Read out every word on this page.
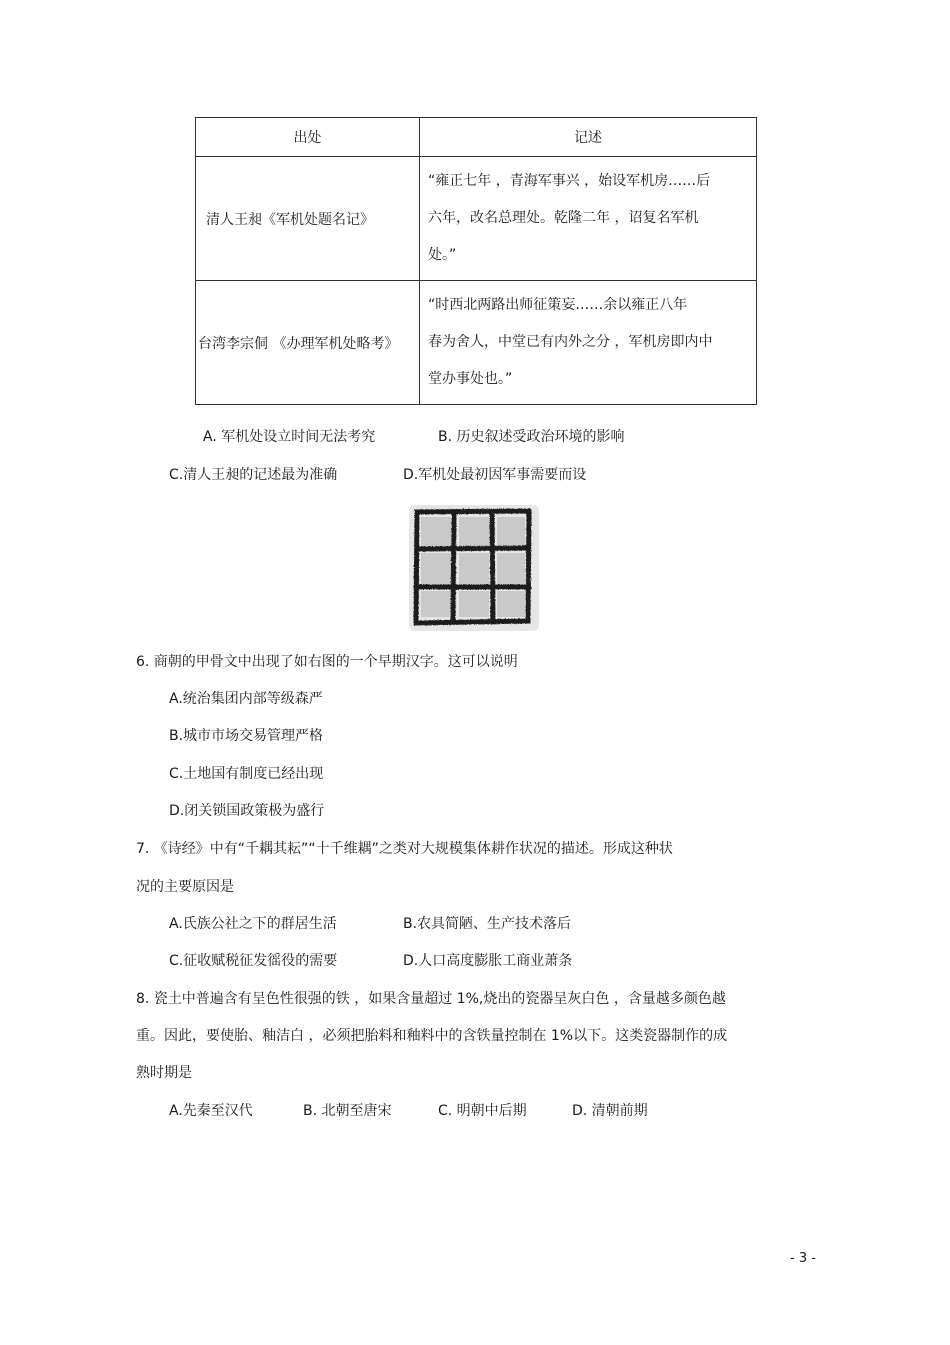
出处	记述
清人王昶《军机处题名记》	“雍正七年 ，青海军事兴 ，始设军机房……后
六年，改名总理处。乾隆二年 ，诏复名军机
处。”

台湾李宗侗 《办理军机处略考》	“时西北两路出师征策妄……余以雍正八年
春为舍人，中堂已有内外之分 ，军机房即内中
堂办事处也。”
A. 军机处设立时间无法考究	B. 历史叙述受政治环境的影响
C.清人王昶的记述最为准确	D.军机处最初因军事需要而设
6. 商朝的甲骨文中出现了如右图的一个早期汉字。这可以说明
A.统治集团内部等级森严
B.城市市场交易管理严格
C.土地国有制度已经出现
D.闭关锁国政策极为盛行
7. 《诗经》中有“千耦其耘”“十千维耦”之类对大规模集体耕作状况的描述。形成这种状
况的主要原因是
A.氏族公社之下的群居生活	B.农具简陋、生产技术落后
C.征收赋税征发徭役的需要	D.人口高度膨胀工商业萧条
8. 瓷土中普遍含有呈色性很强的铁 ，如果含量超过 1%,烧出的瓷器呈灰白色 ，含量越多颜色越
重。因此，要使胎、釉洁白 ，必须把胎料和釉料中的含铁量控制在 1%以下。这类瓷器制作的成
熟时期是
A.先秦至汉代	B. 北朝至唐宋	C. 明朝中后期	D. 清朝前期
- 3 -
